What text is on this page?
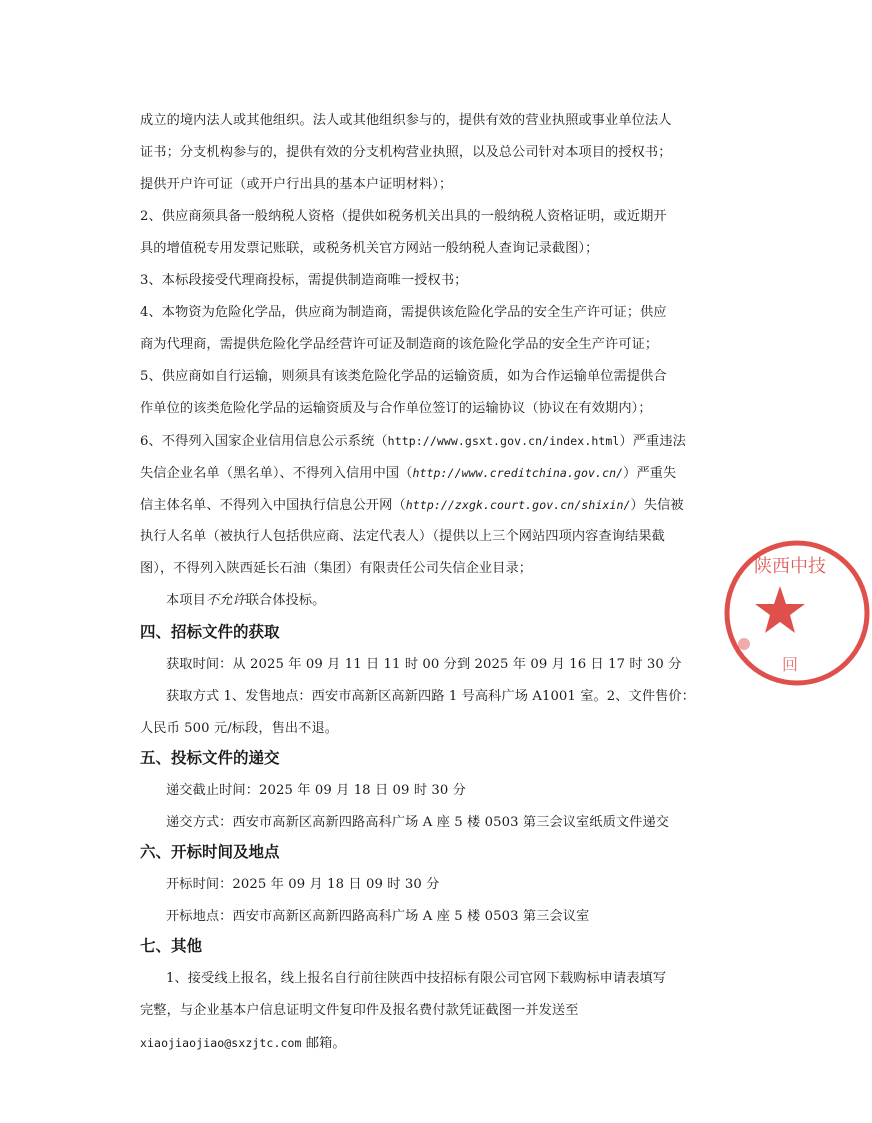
成立的境内法人或其他组织。法人或其他组织参与的，提供有效的营业执照或事业单位法人
证书；分支机构参与的，提供有效的分支机构营业执照，以及总公司针对本项目的授权书；
提供开户许可证（或开户行出具的基本户证明材料）；
2、供应商须具备一般纳税人资格（提供如税务机关出具的一般纳税人资格证明，或近期开
具的增值税专用发票记账联，或税务机关官方网站一般纳税人查询记录截图）；
3、本标段接受代理商投标，需提供制造商唯一授权书；
4、本物资为危险化学品，供应商为制造商，需提供该危险化学品的安全生产许可证；供应
商为代理商，需提供危险化学品经营许可证及制造商的该危险化学品的安全生产许可证；
5、供应商如自行运输，则须具有该类危险化学品的运输资质，如为合作运输单位需提供合
作单位的该类危险化学品的运输资质及与合作单位签订的运输协议（协议在有效期内）；
6、不得列入国家企业信用信息公示系统（http://www.gsxt.gov.cn/index.html）严重违法
失信企业名单（黑名单）、不得列入信用中国（http://www.creditchina.gov.cn/）严重失
信主体名单、不得列入中国执行信息公开网（http://zxgk.court.gov.cn/shixin/）失信被
执行人名单（被执行人包括供应商、法定代表人）（提供以上三个网站四项内容查询结果截
图），不得列入陕西延长石油（集团）有限责任公司失信企业目录；
本项目不允许联合体投标。
四、招标文件的获取
获取时间：从 2025 年 09 月 11 日 11 时 00 分到 2025 年 09 月 16 日 17 时 30 分
获取方式 1、发售地点：西安市高新区高新四路 1 号高科广场 A1001 室。2、文件售价：
人民币 500 元/标段，售出不退。
五、投标文件的递交
递交截止时间：2025 年 09 月 18 日 09 时 30 分
递交方式：西安市高新区高新四路高科广场 A 座 5 楼 0503 第三会议室纸质文件递交
六、开标时间及地点
开标时间：2025 年 09 月 18 日 09 时 30 分
开标地点：西安市高新区高新四路高科广场 A 座 5 楼 0503 第三会议室
七、其他
1、接受线上报名，线上报名自行前往陕西中技招标有限公司官网下载购标申请表填写
完整，与企业基本户信息证明文件复印件及报名费付款凭证截图一并发送至
xiaojiaojiao@sxzjtc.com 邮箱。
陕西中技
回
